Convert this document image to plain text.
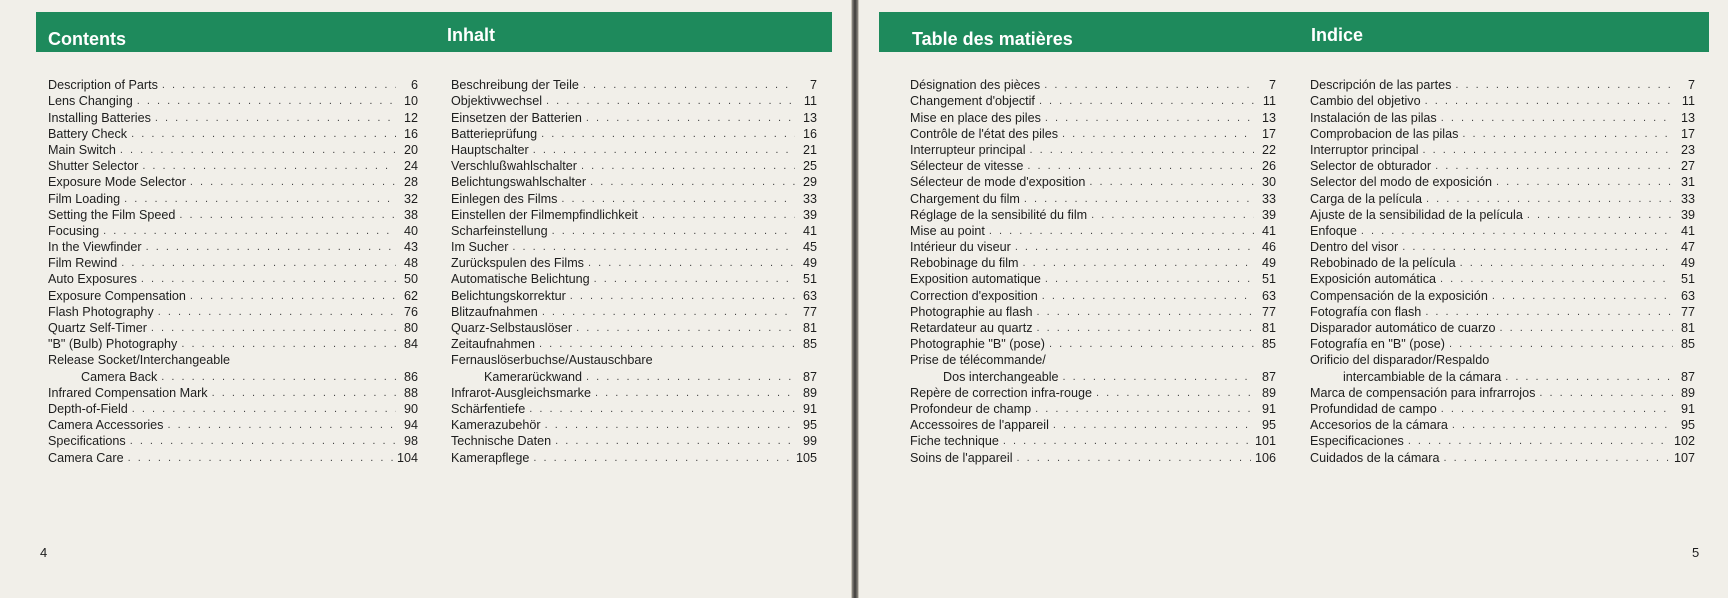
Contents	Inhalt
Description of Parts . . .	6
Lens Changing . . .	10
Installing Batteries . . .	12
Battery Check . . .	16
Main Switch . . .	20
Shutter Selector . . .	24
Exposure Mode Selector . . .	28
Film Loading . . .	32
Setting the Film Speed . . .	38
Focusing . . .	40
In the Viewfinder . . .	43
Film Rewind . . .	48
Auto Exposures . . .	50
Exposure Compensation . . .	62
Flash Photography . . .	76
Quartz Self-Timer . . .	80
"B" (Bulb) Photography . . .	84
Release Socket/Interchangeable
Camera Back . . .	86
Infrared Compensation Mark . . .	88
Depth-of-Field . . .	90
Camera Accessories . . .	94
Specifications . . .	98
Camera Care . . .	104
Beschreibung der Teile . . .	7
Objektivwechsel . . .	11
Einsetzen der Batterien . . .	13
Batterieprüfung . . .	16
Hauptschalter . . .	21
Verschlußwahlschalter . . .	25
Belichtungswahlschalter . . .	29
Einlegen des Films . . .	33
Einstellen der Filmempfindlichkeit . . .	39
Scharfeinstellung . . .	41
Im Sucher . . .	45
Zurückspulen des Films . . .	49
Automatische Belichtung . . .	51
Belichtungskorrektur . . .	63
Blitzaufnahmen . . .	77
Quarz-Selbstauslöser . . .	81
Zeitaufnahmen . . .	85
Fernauslöserbuchse/Austauschbare
Kamerarückwand . . .	87
Infrarot-Ausgleichsmarke . . .	89
Schärfentiefe . . .	91
Kamerazubehör . . .	95
Technische Daten . . .	99
Kamerapflege . . .	105
4
Table des matières	Indice
Désignation des pièces . . .	7
Changement d'objectif . . .	11
Mise en place des piles . . .	13
Contrôle de l'état des piles . . .	17
Interrupteur principal . . .	22
Sélecteur de vitesse . . .	26
Sélecteur de mode d'exposition . . .	30
Chargement du film . . .	33
Réglage de la sensibilité du film . . .	39
Mise au point . . .	41
Intérieur du viseur . . .	46
Rebobinage du film . . .	49
Exposition automatique . . .	51
Correction d'exposition . . .	63
Photographie au flash . . .	77
Retardateur au quartz . . .	81
Photographie "B" (pose) . . .	85
Prise de télécommande/
Dos interchangeable . . .	87
Repère de correction infra-rouge . . .	89
Profondeur de champ . . .	91
Accessoires de l'appareil . . .	95
Fiche technique . . .	101
Soins de l'appareil . . .	106
Descripción de las partes . . .	7
Cambio del objetivo . . .	11
Instalación de las pilas . . .	13
Comprobacion de las pilas . . .	17
Interruptor principal . . .	23
Selector de obturador . . .	27
Selector del modo de exposición . . .	31
Carga de la película . . .	33
Ajuste de la sensibilidad de la película . . .	39
Enfoque . . .	41
Dentro del visor . . .	47
Rebobinado de la película . . .	49
Exposición automática . . .	51
Compensación de la exposición . . .	63
Fotografía con flash . . .	77
Disparador automático de cuarzo . . .	81
Fotografía en "B" (pose) . . .	85
Orificio del disparador/Respaldo
intercambiable de la cámara . . .	87
Marca de compensación para infrarrojos . . .	89
Profundidad de campo . . .	91
Accesorios de la cámara . . .	95
Especificaciones . . .	102
Cuidados de la cámara . . .	107
5
